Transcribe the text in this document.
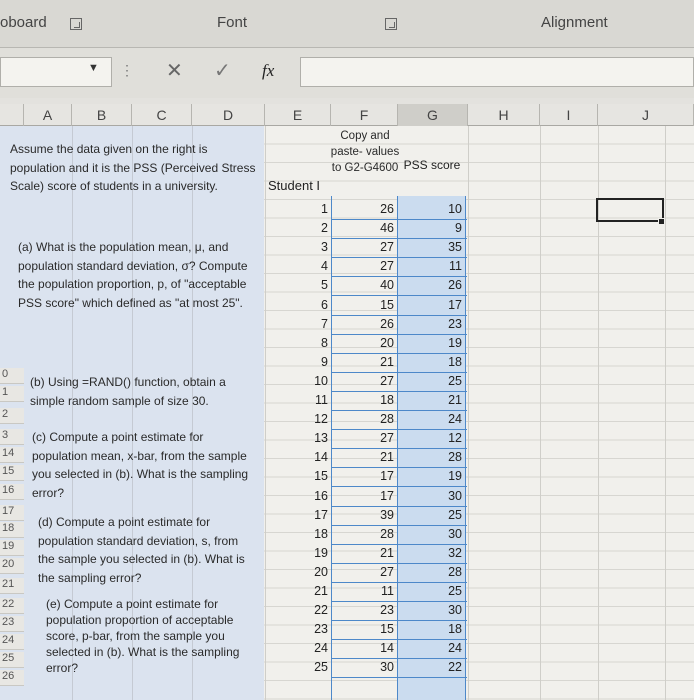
oboard	Font	Alignment
▼ ⋮ ✕ ✓ fx
A	B	C	D	E	F	G	H	I	J
0
1
2
3
14
15
16
17
18
19
20
21
22
23
24
25
26
Assume the data given on the right is population and it is the PSS (Perceived Stress Scale) score of students in a university.
(a) What is the population mean, μ, and population standard deviation, σ? Compute the population proportion, p, of "acceptable PSS score" which defined as "at most 25".
(b) Using =RAND() function, obtain a simple random sample of size 30.
(c) Compute a point estimate for population mean, x-bar, from the sample you selected in (b). What is the sampling error?
(d) Compute a point estimate for population standard deviation, s, from the sample you selected in (b). What is the sampling error?
(e) Compute a point estimate for population proportion of acceptable score, p-bar, from the sample you selected in (b). What is the sampling error?
Copy and paste- values to G2-G4600 PSS score
Student I
1	26	10
2	46	9
3	27	35
4	27	11
5	40	26
6	15	17
7	26	23
8	20	19
9	21	18
10	27	25
11	18	21
12	28	24
13	27	12
14	21	28
15	17	19
16	17	30
17	39	25
18	28	30
19	21	32
20	27	28
21	11	25
22	23	30
23	15	18
24	14	24
25	30	22
